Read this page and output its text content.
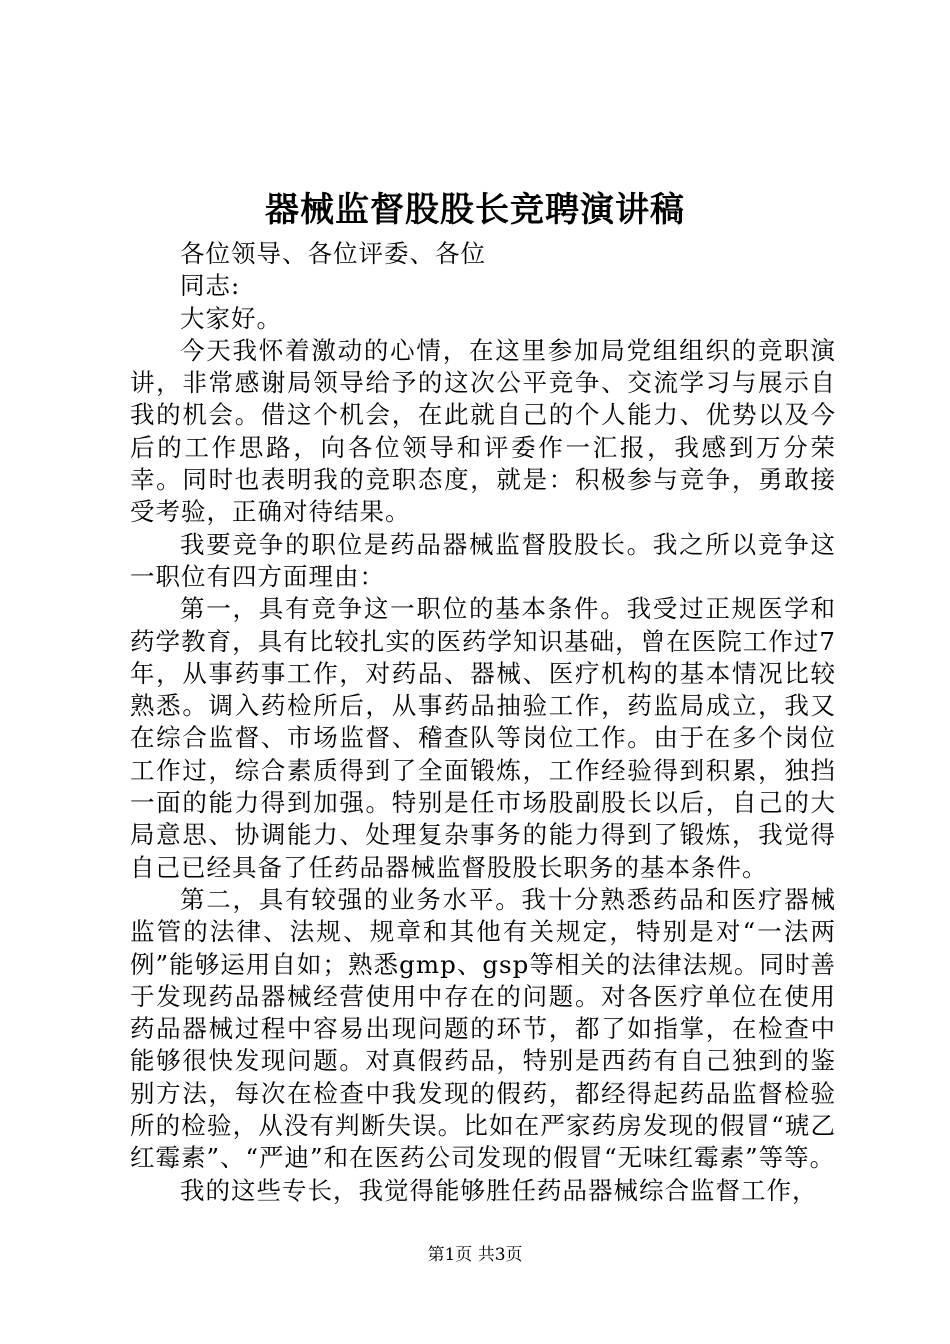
器械监督股股长竞聘演讲稿

各位领导、各位评委、各位

同志:

大家好。

今天我怀着激动的心情，在这里参加局党组组织的竞职演讲，非常感谢局领导给予的这次公平竞争、交流学习与展示自我的机会。借这个机会，在此就自己的个人能力、优势以及今后的工作思路，向各位领导和评委作一汇报，我感到万分荣幸。同时也表明我的竞职态度，就是：积极参与竞争，勇敢接受考验，正确对待结果。

我要竞争的职位是药品器械监督股股长。我之所以竞争这一职位有四方面理由：

第一，具有竞争这一职位的基本条件。我受过正规医学和药学教育，具有比较扎实的医药学知识基础，曾在医院工作过7年，从事药事工作，对药品、器械、医疗机构的基本情况比较熟悉。调入药检所后，从事药品抽验工作，药监局成立，我又在综合监督、市场监督、稽查队等岗位工作。由于在多个岗位工作过，综合素质得到了全面锻炼，工作经验得到积累，独挡一面的能力得到加强。特别是任市场股副股长以后，自己的大局意思、协调能力、处理复杂事务的能力得到了锻炼，我觉得自己已经具备了任药品器械监督股股长职务的基本条件。

第二，具有较强的业务水平。我十分熟悉药品和医疗器械监管的法律、法规、规章和其他有关规定，特别是对“一法两例”能够运用自如；熟悉gmp、gsp等相关的法律法规。同时善于发现药品器械经营使用中存在的问题。对各医疗单位在使用药品器械过程中容易出现问题的环节，都了如指掌，在检查中能够很快发现问题。对真假药品，特别是西药有自己独到的鉴别方法，每次在检查中我发现的假药，都经得起药品监督检验所的检验，从没有判断失误。比如在严家药房发现的假冒“琥乙红霉素”、“严迪”和在医药公司发现的假冒“无味红霉素”等等。

我的这些专长，我觉得能够胜任药品器械综合监督工作，

第1页 共3页
